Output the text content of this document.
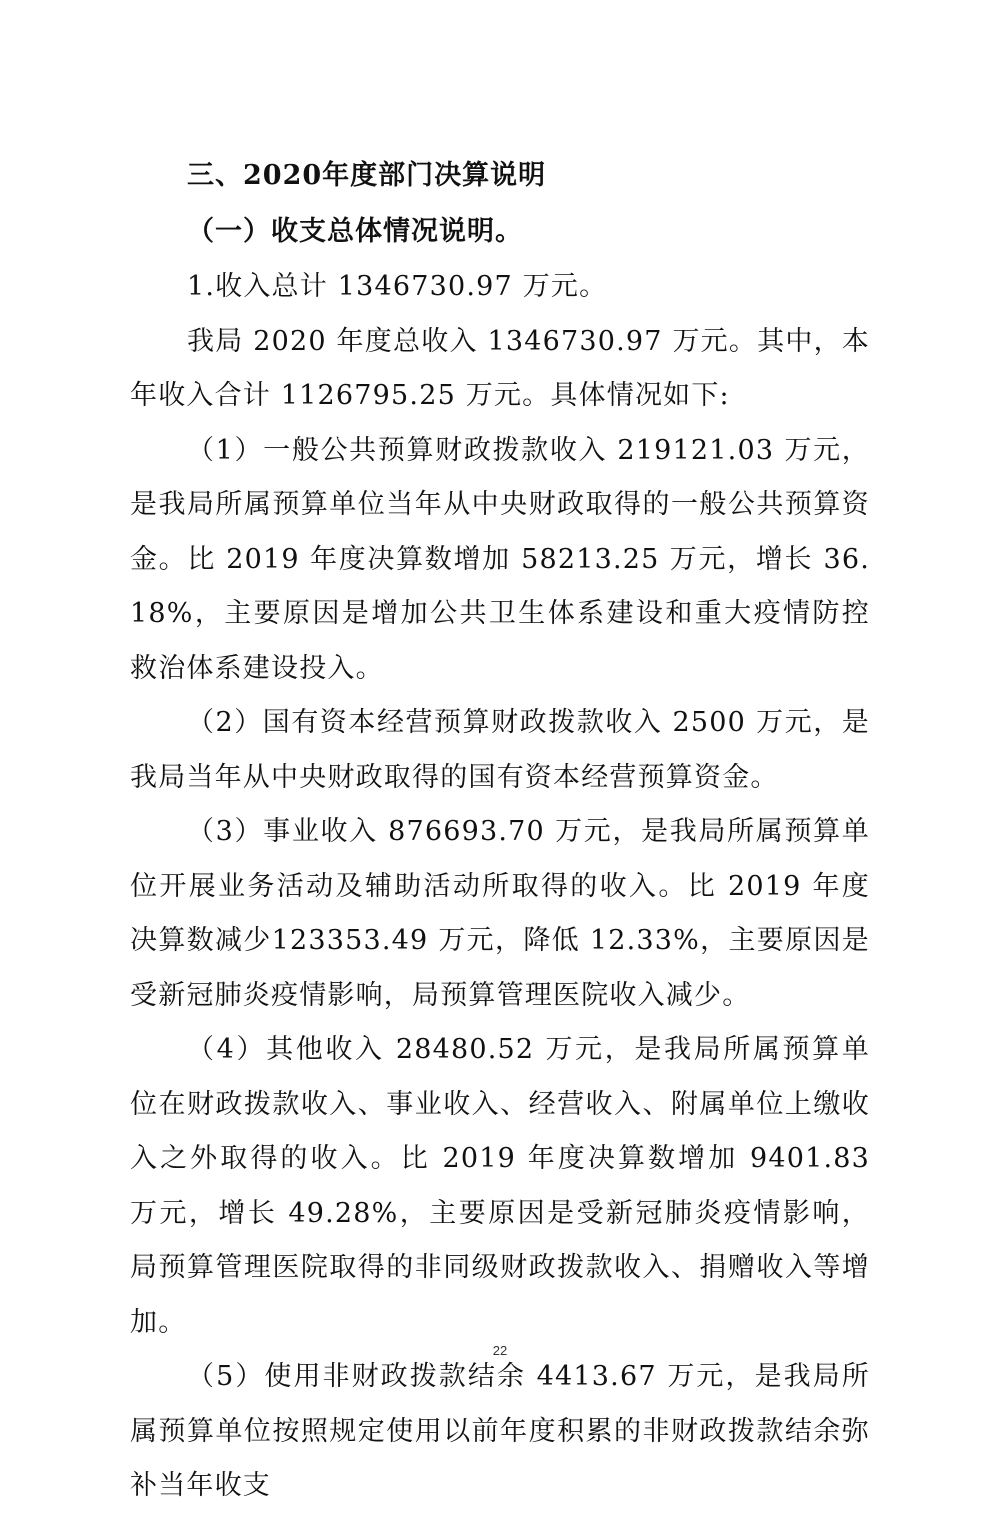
三、2020年度部门决算说明
（一）收支总体情况说明。

1.收入总计 1346730.97 万元。

我局 2020 年度总收入 1346730.97 万元。其中，本年收入合计 1126795.25 万元。具体情况如下:

（1）一般公共预算财政拨款收入 219121.03 万元，是我局所属预算单位当年从中央财政取得的一般公共预算资金。比 2019 年度决算数增加 58213.25 万元，增长 36.18%，主要原因是增加公共卫生体系建设和重大疫情防控救治体系建设投入。

（2）国有资本经营预算财政拨款收入 2500 万元，是我局当年从中央财政取得的国有资本经营预算资金。

（3）事业收入 876693.70 万元，是我局所属预算单位开展业务活动及辅助活动所取得的收入。比 2019 年度决算数减少123353.49 万元，降低 12.33%，主要原因是受新冠肺炎疫情影响，局预算管理医院收入减少。

（4）其他收入 28480.52 万元，是我局所属预算单位在财政拨款收入、事业收入、经营收入、附属单位上缴收入之外取得的收入。比 2019 年度决算数增加 9401.83 万元，增长 49.28%，主要原因是受新冠肺炎疫情影响，局预算管理医院取得的非同级财政拨款收入、捐赠收入等增加。

（5）使用非财政拨款结余 4413.67 万元，是我局所属预算单位按照规定使用以前年度积累的非财政拨款结余弥补当年收支

22
